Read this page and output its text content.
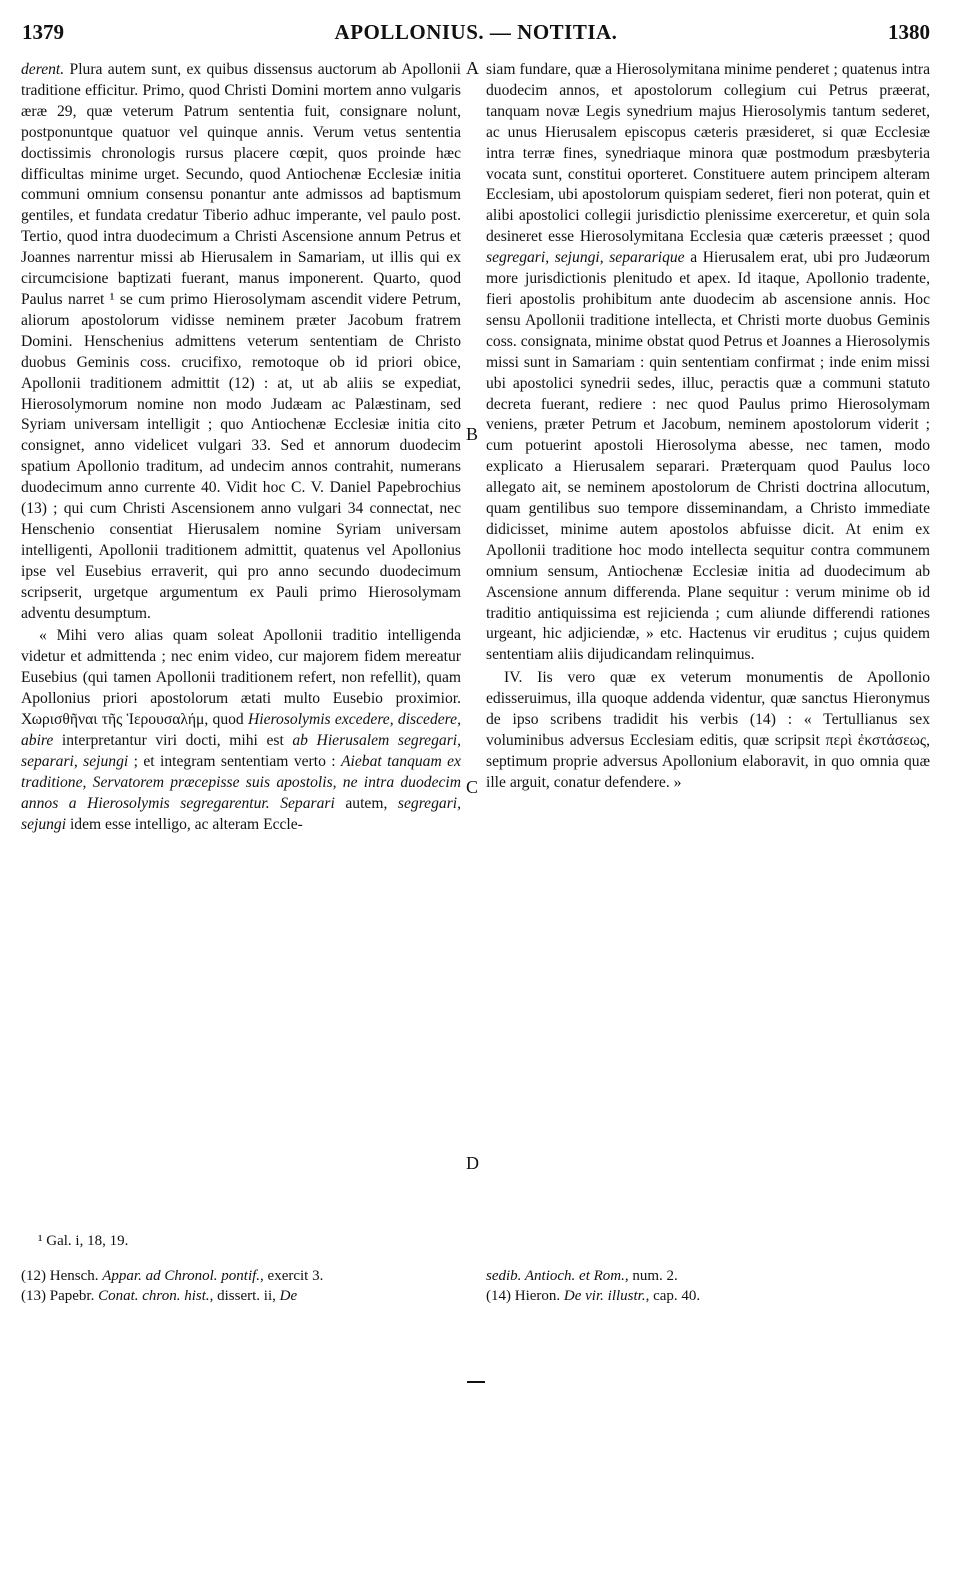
1379	APOLLONIUS. — NOTITIA.	1380

derent. Plura autem sunt, ex quibus dissensus auctorum ab Apollonii traditione efficitur. Primo, quod Christi Domini mortem anno vulgaris æræ 29, quæ veterum Patrum sententia fuit, consignare nolunt, postponuntque quatuor vel quinque annis. Verum vetus sententia doctissimis chronologis rursus placere cœpit, quos proinde hæc difficultas minime urget. Secundo, quod Antiochenæ Ecclesiæ initia communi omnium consensu ponantur ante admissos ad baptismum gentiles, et fundata credatur Tiberio adhuc imperante, vel paulo post. Tertio, quod intra duodecimum a Christi Ascensione annum Petrus et Joannes narrentur missi ab Hierusalem in Samariam, ut illis qui ex circumcisione baptizati fuerant, manus imponerent. Quarto, quod Paulus narret ¹ se cum primo Hierosolymam ascendit videre Petrum, aliorum apostolorum vidisse neminem præter Jacobum fratrem Domini. Henschenius admittens veterum sententiam de Christo duobus Geminis coss. crucifixo, remotoque ob id priori obice, Apollonii traditionem admittit (12) : at, ut ab aliis se expediat, Hierosolymorum nomine non modo Judæam ac Palæstinam, sed Syriam universam intelligit ; quo Antiochenæ Ecclesiæ initia cito consignet, anno videlicet vulgari 33. Sed et annorum duodecim spatium Apollonio traditum, ad undecim annos contrahit, numerans duodecimum anno currente 40. Vidit hoc C. V. Daniel Papebrochius (13) ; qui cum Christi Ascensionem anno vulgari 34 connectat, nec Henschenio consentiat Hierusalem nomine Syriam universam intelligenti, Apollonii traditionem admittit, quatenus vel Apollonius ipse vel Eusebius erraverit, qui pro anno secundo duodecimum scripserit, urgetque argumentum ex Pauli primo Hierosolymam adventu desumptum.

« Mihi vero alias quam soleat Apollonii traditio intelligenda videtur et admittenda ; nec enim video, cur majorem fidem mereatur Eusebius (qui tamen Apollonii traditionem refert, non refellit), quam Apollonius priori apostolorum ætati multo Eusebio proximior. Χωρισθῆναι τῆς Ἱερουσαλήμ, quod Hierosolymis excedere, discedere, abire interpretantur viri docti, mihi est ab Hierusalem segregari, separari, sejungi ; et integram sententiam verto : Aiebat tanquam ex traditione, Servatorem præcepisse suis apostolis, ne intra duodecim annos a Hierosolymis segregarentur. Separari autem, segregari, sejungi idem esse intelligo, ac alteram Eccle-

siam fundare, quæ a Hierosolymitana minime penderet ; quatenus intra duodecim annos, et apostolorum collegium cui Petrus præerat, tanquam novæ Legis synedrium majus Hierosolymis tantum sederet, ac unus Hierusalem episcopus cæteris præsideret, si quæ Ecclesiæ intra terræ fines, synedriaque minora quæ postmodum præsbyteria vocata sunt, constitui oporteret. Constituere autem principem alteram Ecclesiam, ubi apostolorum quispiam sederet, fieri non poterat, quin et alibi apostolici collegii jurisdictio plenissime exerceretur, et quin sola desineret esse Hierosolymitana Ecclesia quæ cæteris præesset ; quod segregari, sejungi, separarique a Hierusalem erat, ubi pro Judæorum more jurisdictionis plenitudo et apex. Id itaque, Apollonio tradente, fieri apostolis prohibitum ante duodecim ab ascensione annis. Hoc sensu Apollonii traditione intellecta, et Christi morte duobus Geminis coss. consignata, minime obstat quod Petrus et Joannes a Hierosolymis missi sunt in Samariam : quin sententiam confirmat ; inde enim missi ubi apostolici synedrii sedes, illuc, peractis quæ a communi statuto decreta fuerant, rediere : nec quod Paulus primo Hierosolymam veniens, præter Petrum et Jacobum, neminem apostolorum viderit ; cum potuerint apostoli Hierosolyma abesse, nec tamen, modo explicato a Hierusalem separari. Præterquam quod Paulus loco allegato ait, se neminem apostolorum de Christi doctrina allocutum, quam gentilibus suo tempore disseminandam, a Christo immediate didicisset, minime autem apostolos abfuisse dicit. At enim ex Apollonii traditione hoc modo intellecta sequitur contra communem omnium sensum, Antiochenæ Ecclesiæ initia ad duodecimum ab Ascensione annum differenda. Plane sequitur : verum minime ob id traditio antiquissima est rejicienda ; cum aliunde differendi rationes urgeant, hic adjiciendæ, » etc. Hactenus vir eruditus ; cujus quidem sententiam aliis dijudicandam relinquimus.

IV. Iis vero quæ ex veterum monumentis de Apollonio edisseruimus, illa quoque addenda videntur, quæ sanctus Hieronymus de ipso scribens tradidit his verbis (14) : « Tertullianus sex voluminibus adversus Ecclesiam editis, quæ scripsit περὶ ἐκστάσεως, septimum proprie adversus Apollonium elaboravit, in quo omnia quæ ille arguit, conatur defendere. »

A
B
C
D
¹ Gal. i, 18, 19.
(12) Hensch. Appar. ad Chronol. pontif., exercit 3.
(13) Papebr. Conat. chron. hist., dissert. ii, De
sedib. Antioch. et Rom., num. 2.
(14) Hieron. De vir. illustr., cap. 40.
